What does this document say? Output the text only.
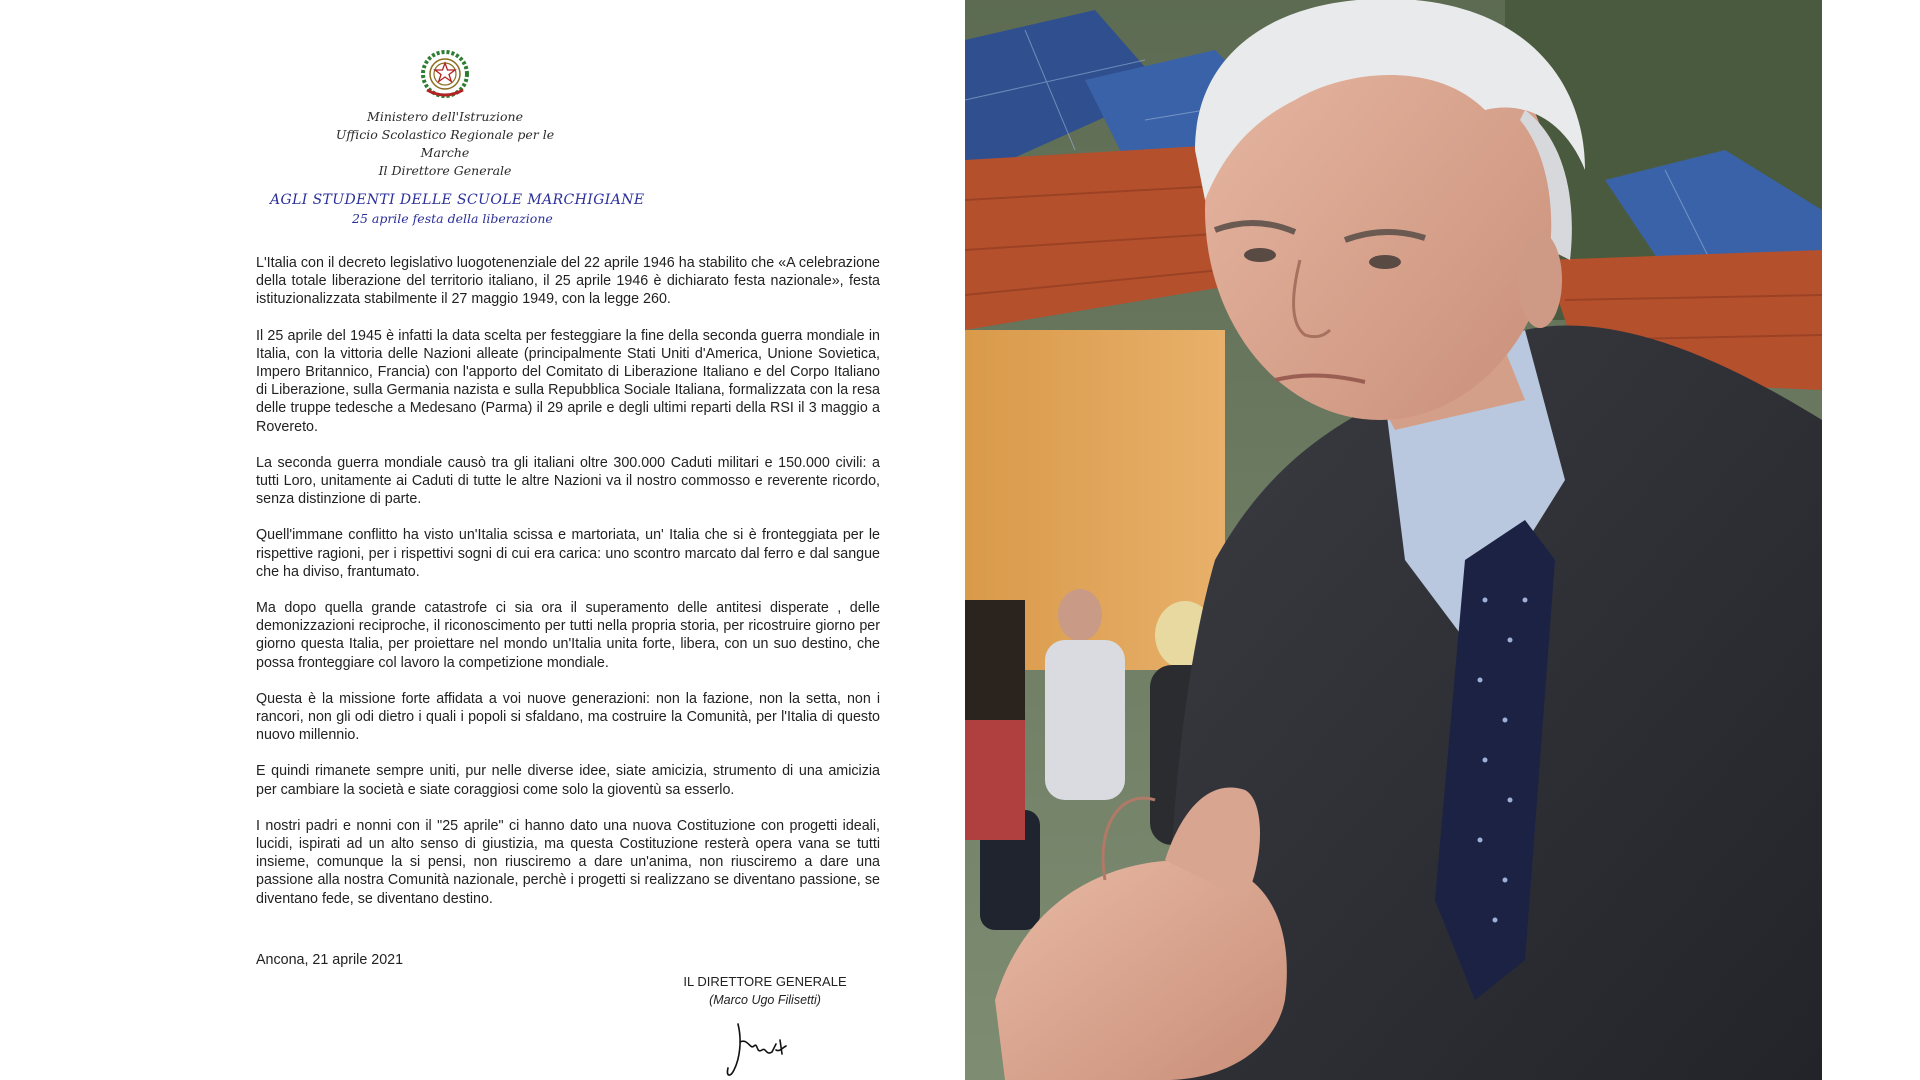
Ministero dell'Istruzione
Ufficio Scolastico Regionale per le Marche
Il Direttore Generale
AGLI STUDENTI DELLE SCUOLE MARCHIGIANE
25 aprile festa della liberazione

L'Italia con il decreto legislativo luogotenenziale del 22 aprile 1946 ha stabilito che «A celebrazione della totale liberazione del territorio italiano, il 25 aprile 1946 è dichiarato festa nazionale», festa istituzionalizzata stabilmente il 27 maggio 1949, con la legge 260.

Il 25 aprile del 1945 è infatti la data scelta per festeggiare la fine della seconda guerra mondiale in Italia, con la vittoria delle Nazioni alleate (principalmente Stati Uniti d'America, Unione Sovietica, Impero Britannico, Francia) con l'apporto del Comitato di Liberazione Italiano e del Corpo Italiano di Liberazione, sulla Germania nazista e sulla Repubblica Sociale Italiana, formalizzata con la resa delle truppe tedesche a Medesano (Parma) il 29 aprile e degli ultimi reparti della RSI il 3 maggio a Rovereto.

La seconda guerra mondiale causò tra gli italiani oltre 300.000 Caduti militari e 150.000 civili: a tutti Loro, unitamente ai Caduti di tutte le altre Nazioni va il nostro commosso e reverente ricordo, senza distinzione di parte.

Quell'immane conflitto ha visto un'Italia scissa e martoriata, un' Italia che si è fronteggiata per le rispettive ragioni, per i rispettivi sogni di cui era carica: uno scontro marcato dal ferro e dal sangue che ha diviso, frantumato.

Ma dopo quella grande catastrofe ci sia ora il superamento delle antitesi disperate , delle demonizzazioni reciproche, il riconoscimento per tutti nella propria storia, per ricostruire giorno per giorno questa Italia, per proiettare nel mondo un'Italia unita forte, libera, con un suo destino, che possa fronteggiare col lavoro la competizione mondiale.

Questa è la missione forte affidata a voi nuove generazioni: non la fazione, non la setta, non i rancori, non gli odi dietro i quali i popoli si sfaldano, ma costruire la Comunità, per l'Italia di questo nuovo millennio.

E quindi rimanete sempre uniti, pur nelle diverse idee, siate amicizia, strumento di una amicizia per cambiare la società e siate coraggiosi come solo la gioventù sa esserlo.

I nostri padri e nonni con il "25 aprile" ci hanno dato una nuova Costituzione con progetti ideali, lucidi, ispirati ad un alto senso di giustizia, ma questa Costituzione resterà opera vana se tutti insieme, comunque la si pensi, non riusciremo a dare un'anima, non riusciremo a dare una passione alla nostra Comunità nazionale, perchè i progetti si realizzano se diventano passione, se diventano fede, se diventano destino.

Ancona, 21 aprile 2021
IL DIRETTORE GENERALE
(Marco Ugo Filisetti)
